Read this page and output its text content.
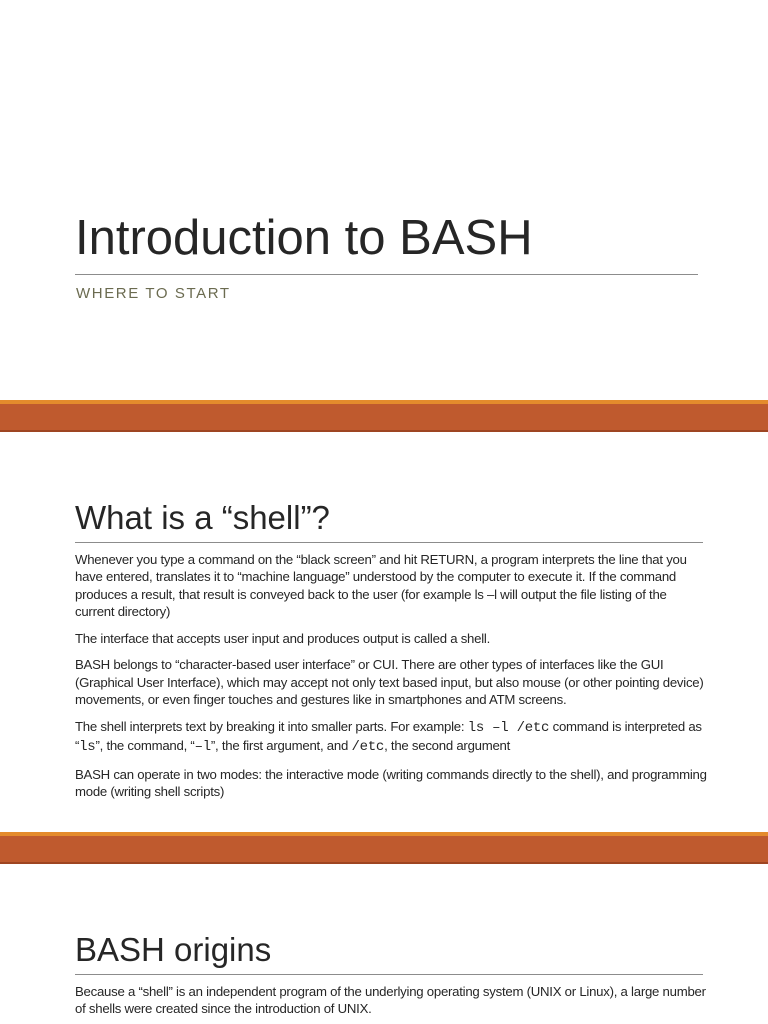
Introduction to BASH

WHERE TO START

What is a “shell”?

Whenever you type a command on the “black screen” and hit RETURN, a program interprets the line that you have entered, translates it to “machine language” understood by the computer to execute it. If the command produces a result, that result is conveyed back to the user (for example ls –l will output the file listing of the current directory)

The interface that accepts user input and produces output is called a shell.

BASH belongs to “character-based user interface” or CUI. There are other types of interfaces like the GUI (Graphical User Interface), which may accept not only text based input, but also mouse (or other pointing device) movements, or even finger touches and gestures like in smartphones and ATM screens.

The shell interprets text by breaking it into smaller parts. For example: ls –l /etc command is interpreted as “ls”, the command, “–l”, the first argument, and /etc, the second argument

BASH can operate in two modes: the interactive mode (writing commands directly to the shell), and programming mode (writing shell scripts)

BASH origins

Because a “shell” is an independent program of the underlying operating system (UNIX or Linux), a large number of shells were created since the introduction of UNIX.
